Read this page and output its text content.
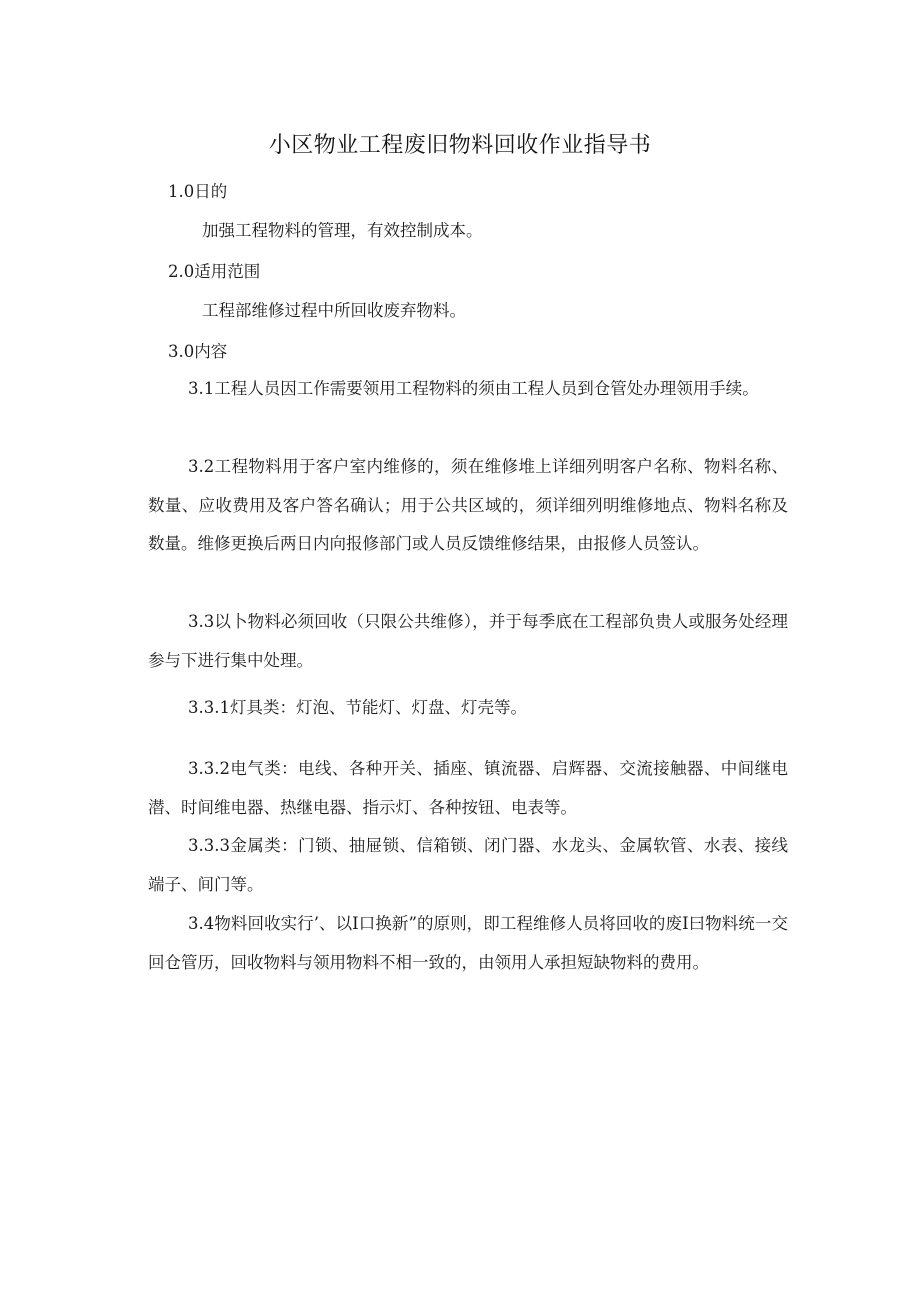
小区物业工程废旧物料回收作业指导书
1.0日的
加强工程物料的管理，有效控制成本。
2.0适用范围
工程部维修过程中所回收废弃物料。
3.0内容
3.1工程人员因工作需要领用工程物料的须由工程人员到仓管处办理领用手续。
3.2工程物料用于客户室内维修的，须在维修堆上详细列明客户名称、物料名称、数量、应收费用及客户答名确认；用于公共区域的，须详细列明维修地点、物料名称及数量。维修更换后两日内向报修部门或人员反馈维修结果，由报修人员签认。
3.3以卜物料必须回收（只限公共维修），并于每季底在工程部负贵人或服务处经理参与下进行集中处理。
3.3.1灯具类：灯泡、节能灯、灯盘、灯壳等。
3.3.2电气类：电线、各种开关、插座、镇流器、启辉器、交流接触器、中间继电潜、时间维电器、热继电器、指示灯、各种按钮、电表等。
3.3.3金属类：门锁、抽屉锁、信箱锁、闭门器、水龙头、金属软管、水表、接线端子、间门等。
3.4物料回收实行’、以I口换新”的原则，即工程维修人员将回收的废I曰物料统一交回仓管历，回收物料与领用物料不相一致的，由领用人承担短缺物料的费用。
